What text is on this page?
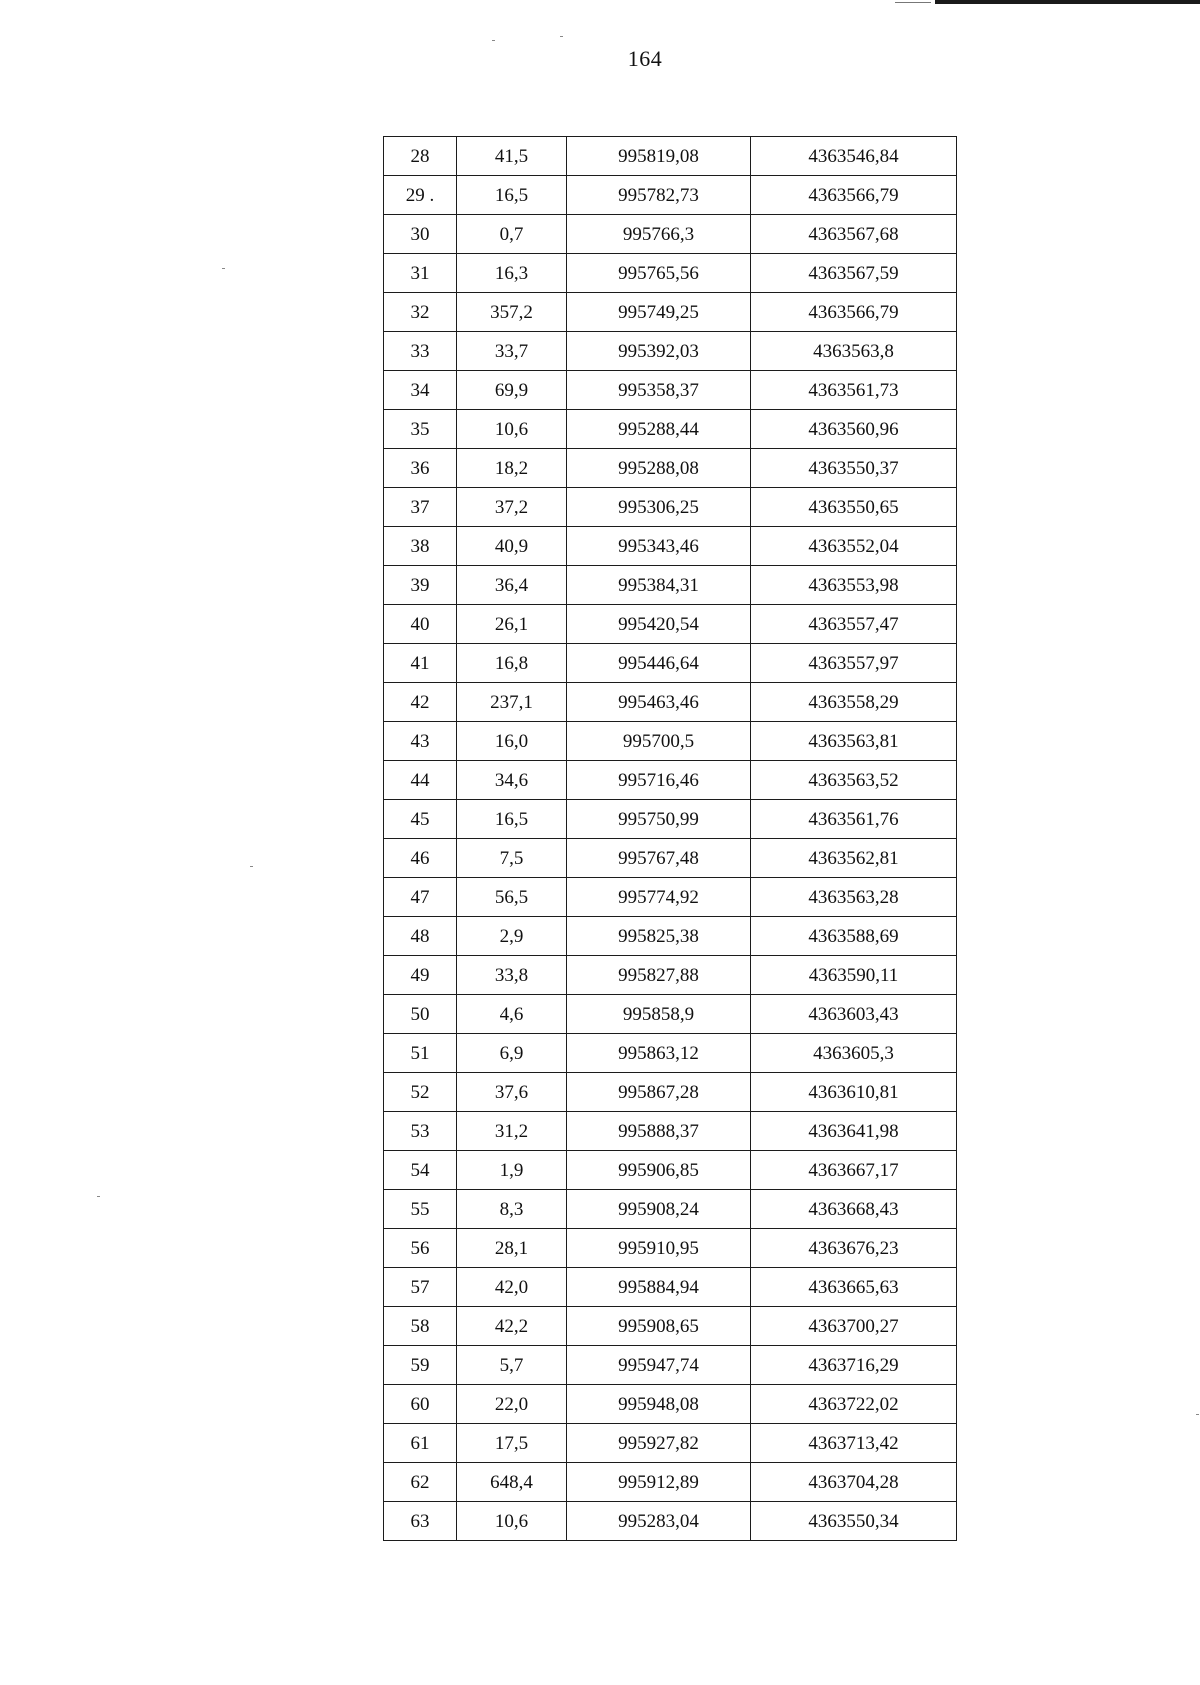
164
28	41,5	995819,08	4363546,84
29 .	16,5	995782,73	4363566,79
30	0,7	995766,3	4363567,68
31	16,3	995765,56	4363567,59
32	357,2	995749,25	4363566,79
33	33,7	995392,03	4363563,8
34	69,9	995358,37	4363561,73
35	10,6	995288,44	4363560,96
36	18,2	995288,08	4363550,37
37	37,2	995306,25	4363550,65
38	40,9	995343,46	4363552,04
39	36,4	995384,31	4363553,98
40	26,1	995420,54	4363557,47
41	16,8	995446,64	4363557,97
42	237,1	995463,46	4363558,29
43	16,0	995700,5	4363563,81
44	34,6	995716,46	4363563,52
45	16,5	995750,99	4363561,76
46	7,5	995767,48	4363562,81
47	56,5	995774,92	4363563,28
48	2,9	995825,38	4363588,69
49	33,8	995827,88	4363590,11
50	4,6	995858,9	4363603,43
51	6,9	995863,12	4363605,3
52	37,6	995867,28	4363610,81
53	31,2	995888,37	4363641,98
54	1,9	995906,85	4363667,17
55	8,3	995908,24	4363668,43
56	28,1	995910,95	4363676,23
57	42,0	995884,94	4363665,63
58	42,2	995908,65	4363700,27
59	5,7	995947,74	4363716,29
60	22,0	995948,08	4363722,02
61	17,5	995927,82	4363713,42
62	648,4	995912,89	4363704,28
63	10,6	995283,04	4363550,34
